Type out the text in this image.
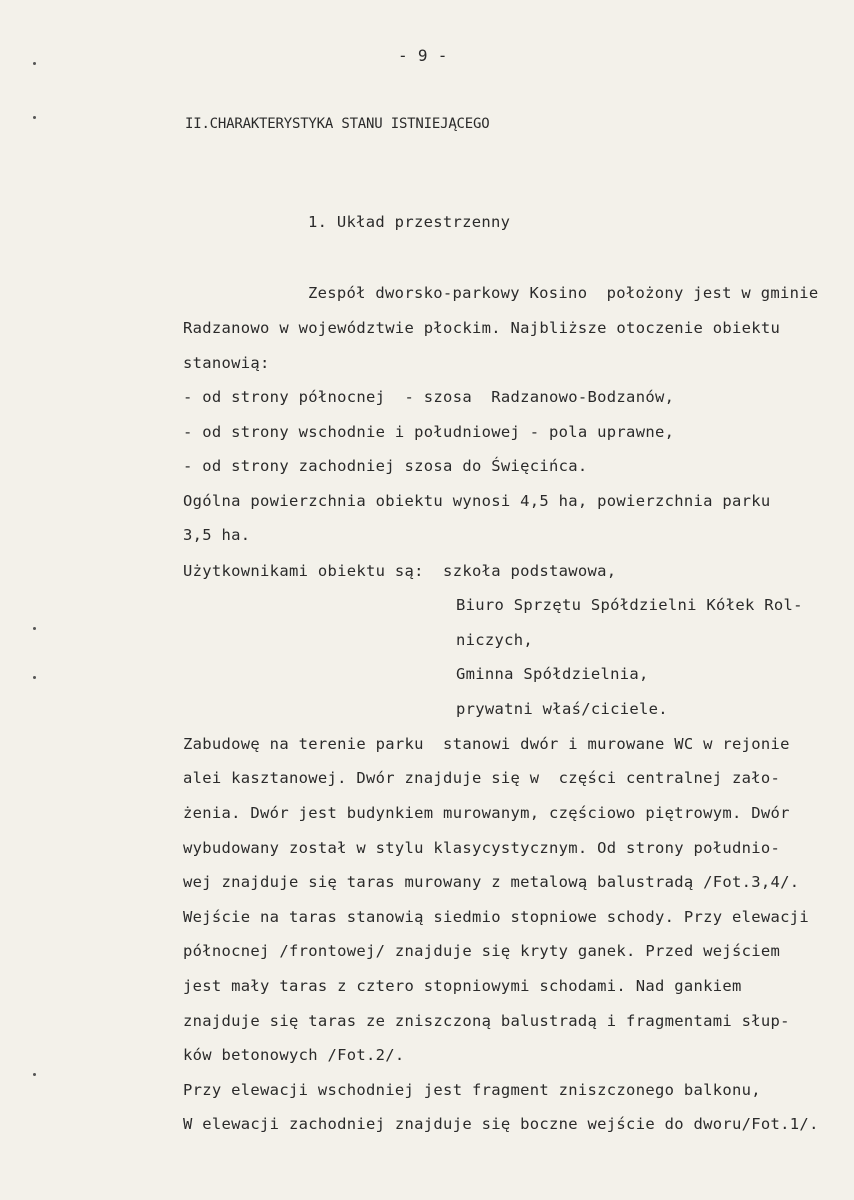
- 9 -
II.CHARAKTERYSTYKA STANU ISTNIEJĄCEGO
1. Układ przestrzenny
Zespół dworsko-parkowy Kosino  położony jest w gminie
Radzanowo w województwie płockim. Najbliższe otoczenie obiektu
stanowią:
- od strony północnej  - szosa  Radzanowo-Bodzanów,
- od strony wschodnie i południowej - pola uprawne,
- od strony zachodniej szosa do Święcińca.
Ogólna powierzchnia obiektu wynosi 4,5 ha, powierzchnia parku
3,5 ha.
Użytkownikami obiektu są:  szkoła podstawowa,
Biuro Sprzętu Spółdzielni Kółek Rol-
niczych,
Gminna Spółdzielnia,
prywatni właś/ciciele.
Zabudowę na terenie parku  stanowi dwór i murowane WC w rejonie
alei kasztanowej. Dwór znajduje się w  części centralnej zało-
żenia. Dwór jest budynkiem murowanym, częściowo piętrowym. Dwór
wybudowany został w stylu klasycystycznym. Od strony południo-
wej znajduje się taras murowany z metalową balustradą /Fot.3,4/.
Wejście na taras stanowią siedmio stopniowe schody. Przy elewacji
północnej /frontowej/ znajduje się kryty ganek. Przed wejściem
jest mały taras z cztero stopniowymi schodami. Nad gankiem
znajduje się taras ze zniszczoną balustradą i fragmentami słup-
ków betonowych /Fot.2/.
Przy elewacji wschodniej jest fragment zniszczonego balkonu,
W elewacji zachodniej znajduje się boczne wejście do dworu/Fot.1/.
